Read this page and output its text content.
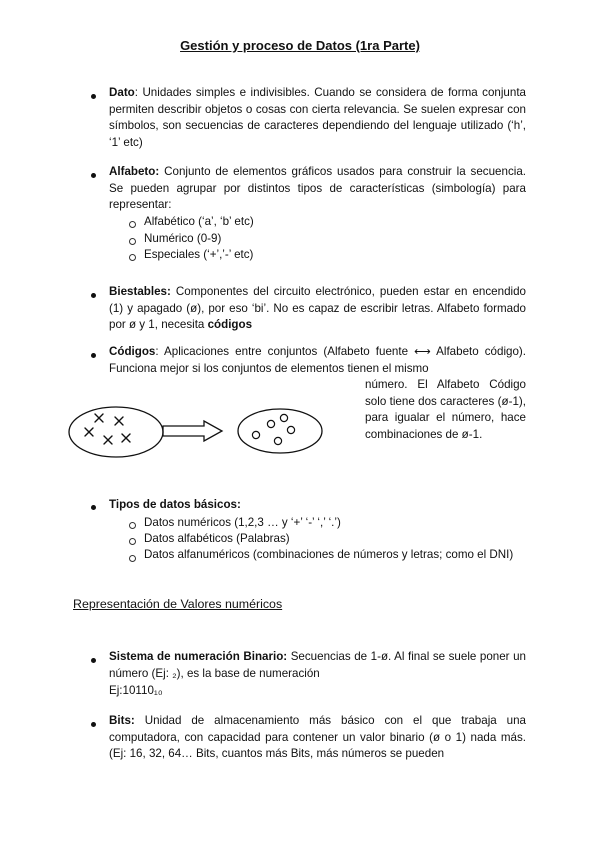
Gestión y proceso de Datos (1ra Parte)
Dato: Unidades simples e indivisibles. Cuando se considera de forma conjunta permiten describir objetos o cosas con cierta relevancia. Se suelen expresar con símbolos, son secuencias de caracteres dependiendo del lenguaje utilizado (‘h’, ‘1’ etc)
Alfabeto: Conjunto de elementos gráficos usados para construir la secuencia. Se pueden agrupar por distintos tipos de características (simbología) para representar:
Alfabético (‘a’, ‘b’ etc)
Numérico (0-9)
Especiales (‘+’,’-’ etc)
Biestables: Componentes del circuito electrónico, pueden estar en encendido (1) y apagado (ø), por eso ‘bi’. No es capaz de escribir letras. Alfabeto formado por ø y 1, necesita códigos
Códigos: Aplicaciones entre conjuntos (Alfabeto fuente ⟷ Alfabeto código). Funciona mejor si los conjuntos de elementos tienen el mismo
número. El Alfabeto Código solo tiene dos caracteres (ø-1), para igualar el número, hace combinaciones de ø-1.
Tipos de datos básicos:
Datos numéricos (1,2,3 … y ‘+’ ‘-’ ‘,’ ‘.’)
Datos alfabéticos (Palabras)
Datos alfanuméricos (combinaciones de números y letras; como el DNI)
Representación de Valores numéricos
Sistema de numeración Binario: Secuencias de 1-ø. Al final se suele poner un número (Ej: ₂), es la base de numeración
Ej:10110₁₀
Bits: Unidad de almacenamiento más básico con el que trabaja una computadora, con capacidad para contener un valor binario (ø o 1) nada más. (Ej: 16, 32, 64… Bits, cuantos más Bits, más números se pueden
